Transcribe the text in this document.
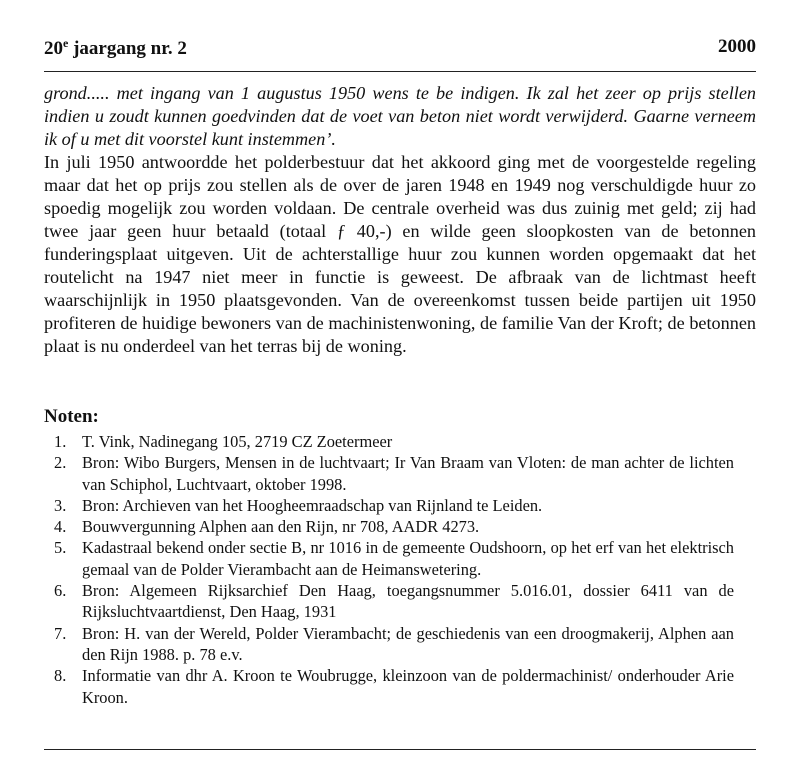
20e jaargang nr. 2	2000

grond..... met ingang van 1 augustus 1950 wens te be indigen. Ik zal het zeer op prijs stellen indien u zoudt kunnen goedvinden dat de voet van beton niet wordt verwijderd. Gaarne verneem ik of u met dit voorstel kunt instemmen’.

In juli 1950 antwoordde het polderbestuur dat het akkoord ging met de voorgestelde regeling maar dat het op prijs zou stellen als de over de jaren 1948 en 1949 nog verschuldigde huur zo spoedig mogelijk zou worden voldaan. De centrale overheid was dus zuinig met geld; zij had twee jaar geen huur betaald (totaal ƒ 40,-) en wilde geen sloopkosten van de betonnen funderingsplaat uitgeven. Uit de achterstallige huur zou kunnen worden opgemaakt dat het routelicht na 1947 niet meer in functie is geweest. De afbraak van de lichtmast heeft waarschijnlijk in 1950 plaatsgevonden. Van de overeenkomst tussen beide partijen uit 1950 profiteren de huidige bewoners van de machinistenwoning, de familie Van der Kroft; de betonnen plaat is nu onderdeel van het terras bij de woning.

Noten:
1. T. Vink, Nadinegang 105, 2719 CZ Zoetermeer
2. Bron: Wibo Burgers, Mensen in de luchtvaart; Ir Van Braam van Vloten: de man achter de lichten van Schiphol, Luchtvaart, oktober 1998.
3. Bron: Archieven van het Hoogheemraadschap van Rijnland te Leiden.
4. Bouwvergunning Alphen aan den Rijn, nr 708, AADR 4273.
5. Kadastraal bekend onder sectie B, nr 1016 in de gemeente Oudshoorn, op het erf van het elektrisch gemaal van de Polder Vierambacht aan de Heimanswetering.
6. Bron: Algemeen Rijksarchief Den Haag, toegangsnummer 5.016.01, dossier 6411 van de Rijksluchtvaartdienst, Den Haag, 1931
7. Bron: H. van der Wereld, Polder Vierambacht; de geschiedenis van een droogmakerij, Alphen aan den Rijn 1988. p. 78 e.v.
8. Informatie van dhr A. Kroon te Woubrugge, kleinzoon van de poldermachinist/ onderhouder Arie Kroon.
